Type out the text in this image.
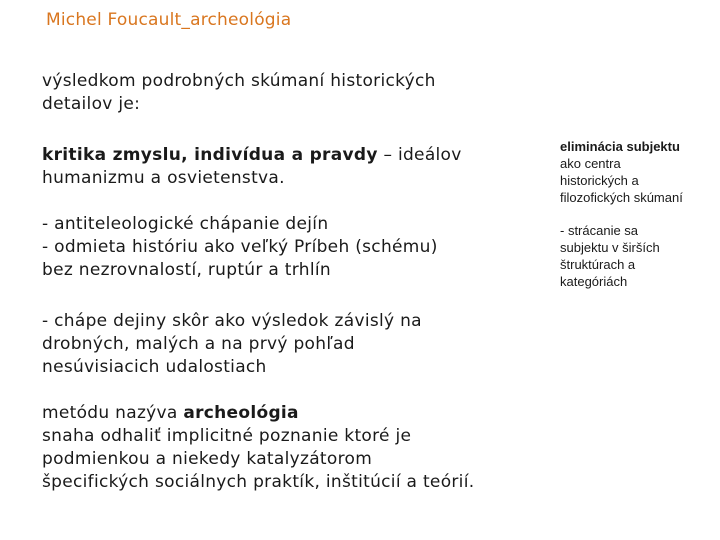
Michel Foucault_archeológia
výsledkom podrobných skúmaní historických
detailov je:
kritika zmyslu, indivídua a pravdy – ideálov
humanizmu a osvietenstva.
- antiteleologické chápanie dejín
- odmieta históriu ako veľký Príbeh (schému)
bez nezrovnalostí, ruptúr a trhlín
- chápe dejiny skôr ako výsledok závislý na
drobných, malých a na prvý pohľad
nesúvisiacich udalostiach
metódu nazýva archeológia
snaha odhaliť implicitné poznanie ktoré je
podmienkou a niekedy katalyzátorom
špecifických sociálnych praktík, inštitúcií a teórií.
eliminácia subjektu
ako centra
historických a
filozofických skúmaní
- strácanie sa
subjektu v širších
štruktúrach a
kategóriách
